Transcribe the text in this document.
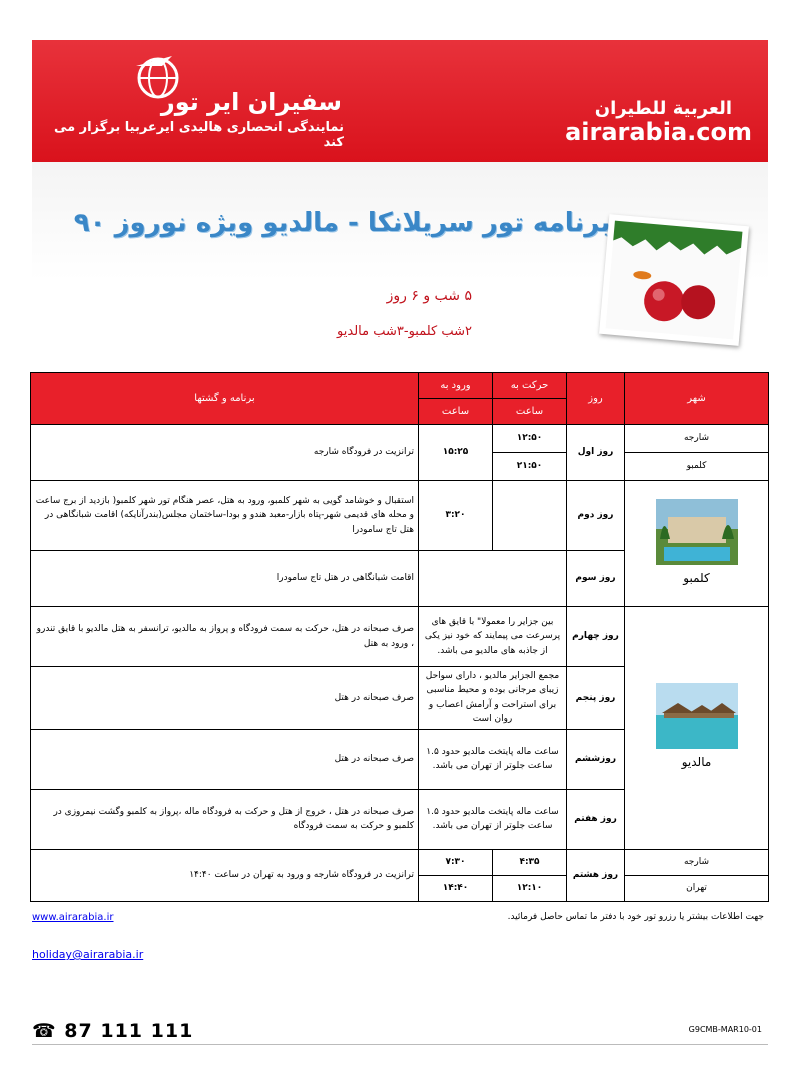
سفیران ایر تور
نمایندگی انحصاری هالیدی ایرعربیا برگزار می کند
العربية للطيران
airarabia.com
برنامه تور سریلانکا - مالدیو ویژه نوروز ۹۰
۵ شب و ۶ روز
۲شب کلمبو-۳شب مالدیو
شهر	روز	حرکت به	ورود به	برنامه و گشتها
		ساعت	ساعت	
شارجه	روز اول	۱۲:۵۰	۱۵:۲۵	ترانزیت در فرودگاه شارجه
کلمبو		۲۱:۵۰		

کلمبو	روز دوم		۳:۲۰	استقبال و خوشامد گویی به شهر کلمبو، ورود به هتل، عصر هنگام تور شهر کلمبو( بازدید از برج ساعت و محله های قدیمی شهر-پتاه بازار-معبد هندو و بودا-ساختمان مجلس(بندرآنایکه) اقامت شبانگاهی در هتل تاج سامودرا
	روز سوم			اقامت شبانگاهی در هتل تاج سامودرا

مالدیو	روز چهارم	بین جزایر را معمولا" با قایق های پرسرعت می پیمایند که خود نیز یکی از جاذبه های مالدیو می باشد.		صرف صبحانه در هتل، حرکت به سمت فرودگاه و پرواز به مالدیو، ترانسفر به هتل مالدیو با قایق تندرو ، ورود به هتل
	روز پنجم	مجمع الجزایر مالدیو ، دارای سواحل زیبای مرجانی بوده و محیط مناسبی برای استراحت و آرامش اعصاب و روان است		صرف صبحانه در هتل
	روزششم	ساعت ماله پایتخت مالدیو حدود ۱.۵ ساعت جلوتر از تهران می باشد.		صرف صبحانه در هتل
	روز هفتم	ساعت ماله پایتخت مالدیو حدود ۱.۵ ساعت جلوتر از تهران می باشد.		صرف صبحانه در هتل ، خروج از هتل و حرکت به فرودگاه ماله ،پرواز به کلمبو وگشت نیمروزی در کلمبو و حرکت به سمت فرودگاه
شارجه	روز هشتم	۴:۳۵	۷:۳۰	ترانزیت در فرودگاه شارجه و ورود به تهران در ساعت ۱۴:۴۰
تهران		۱۲:۱۰	۱۴:۴۰	
www.airarabia.ir	جهت اطلاعات بیشتر یا رزرو تور خود با دفتر ما تماس حاصل فرمائید.
holiday@airarabia.ir
☎ 87 111 111	G9CMB-MAR10-01
